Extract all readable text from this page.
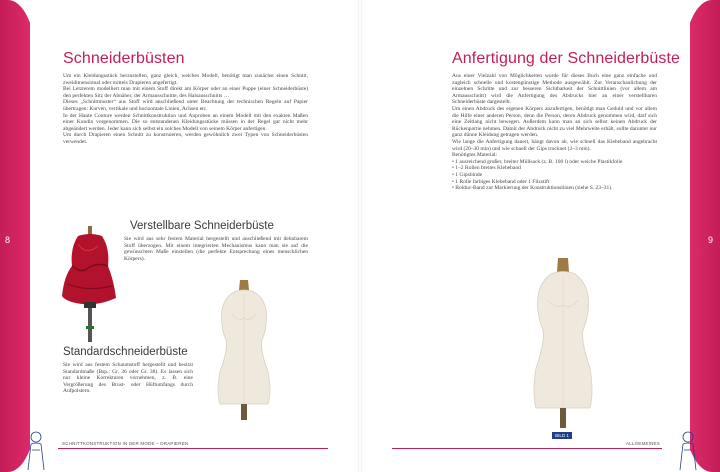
8	9
Schneiderbüsten

Um ein Kleidungsstück herzustellen, ganz gleich, welches Modell, benötigt man zunächst einen Schnitt, zweidimensional oder mittels Drapieren angefertigt.

Bei Letzterem modelliert man mit einem Stoff direkt am Körper oder an einer Puppe (einer Schneiderbüste) den perfekten Sitz der Abnäher, der Armausschnitte, des Halsausschnitts …

Dieses „Schnittmuster“ aus Stoff wird anschließend unter Beachtung der technischen Regeln auf Papier übertragen: Kurven, vertikale und horizontale Linien, Achsen etc.

In der Haute Couture werden Schnittkonstruktion und Anproben an einem Modell mit den exakten Maßen einer Kundin vorgenommen. Die so entstandenen Kleidungsstücke müssen in der Regel gar nicht mehr abgeändert werden. Jeder kann sich selbst ein solches Modell von seinem Körper anfertigen.

Um durch Drapieren einen Schnitt zu konstruieren, werden gewöhnlich zwei Typen von Schneiderbüsten verwendet.

Verstellbare Schneiderbüste

Sie wird aus sehr festem Material hergestellt und anschließend mit dehnbarem Stoff überzogen. Mit einem integrierten Mechanismus kann man sie auf die gewünschten Maße einstellen (die perfekte Entsprechung eines menschlichen Körpers).

Standardschneiderbüste

Sie wird aus festem Schaumstoff hergestellt und besitzt Standardmaße (Bsp.: Gr. 36 oder Gr. 38). Es lassen sich nur kleine Korrekturen vornehmen, z. B. eine Vergrößerung des Brust- oder Hüftumfangs durch Aufpolstern.

SCHNITTKONSTRUKTION IN DER MODE – DRAPIEREN
Anfertigung der Schneiderbüste

Aus einer Vielzahl von Möglichkeiten wurde für dieses Buch eine ganz einfache und zugleich schnelle und kostengünstige Methode ausgewählt. Zur Veranschaulichung der einzelnen Schritte und zur besseren Sichtbarkeit der Schnittlinien (vor allem am Armausschnitt) wird die Anfertigung des Abdrucks hier an einer verstellbaren Schneiderbüste dargestellt.

Um einen Abdruck des eigenen Körpers anzufertigen, benötigt man Geduld und vor allem die Hilfe einer anderen Person, denn die Person, deren Abdruck genommen wird, darf sich eine Zeitlang nicht bewegen. Außerdem kann man an sich selbst keinen Abdruck der Rückenpartie nehmen. Damit der Abdruck nicht zu viel Mehrweite erhält, sollte darunter nur ganz dünne Kleidung getragen werden.

Wie lange die Anfertigung dauert, hängt davon ab, wie schnell das Klebeband angebracht wird (20–30 min) und wie schnell der Gips trocknet (2–3 min).

Benötigtes Material:

• 1 ausreichend großer, breiter Müllsack (z. B. 100 l) oder weiche Plastikfolie

• 1–2 Rollen breites Klebeband

• 1 Gipsbinde

• 1 Rolle farbiges Klebeband oder 1 Filzstift

• Bolduc-Band zur Markierung der Konstruktionslinien (siehe S. 23–31).

BILD 1
ALLGEMEINES
